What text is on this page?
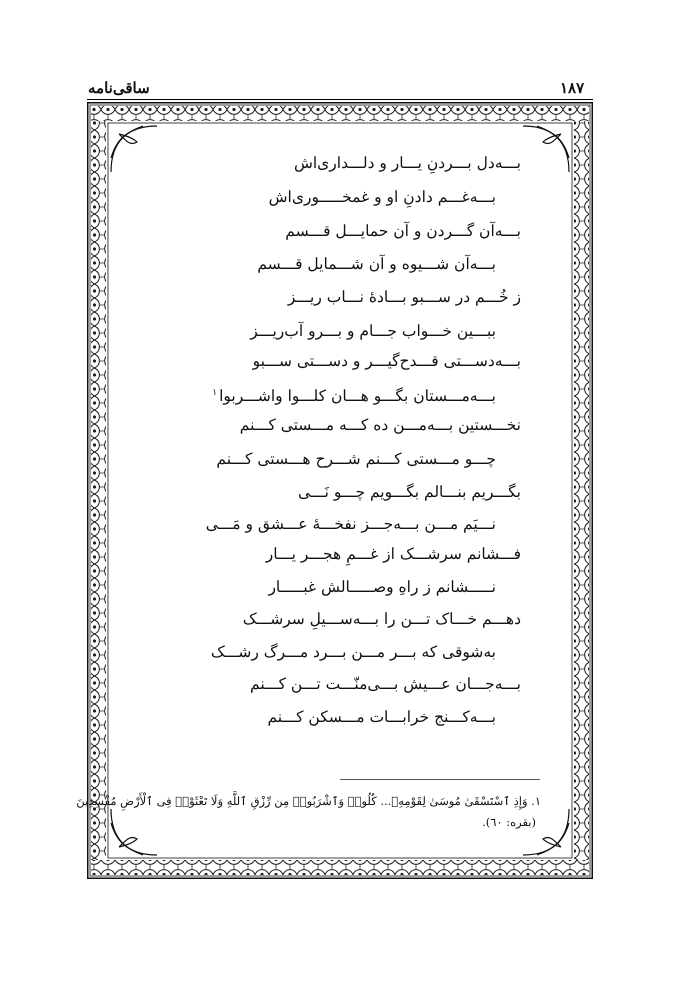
۱۸۷
ساقی‌نامه
بـــه‌دل بـــردنِ یـــار و دلـــداری‌اش
بـــه‌غـــم دادنِ او و غمخـــــوری‌اش
بـــه‌آن گـــردن و آن حمایـــل قـــسم
بـــه‌آن شـــیوه و آن شـــمایل قـــسم
ز خُـــم در ســـبو بـــادۀ نـــاب ریـــز
ببـــین خـــواب جـــام و بـــرو آب‌ریـــز
بـــه‌دســـتی قـــدح‌گیـــر و دســـتی ســـبو
بـــه‌مـــستان بگـــو هـــان کلـــوا واشـــربوا$^۱$
نخـــستین بـــه‌مـــن ده کـــه مـــستی کـــنم
چـــو مـــستی کـــنم شـــرح هـــستی کـــنم
بگـــریم بنـــالم بگـــویم چـــو نَـــی
نـــیَم مـــن بـــه‌جـــز نفخـــۀ عـــشق و مَـــی
فـــشانم سرشـــک از غـــمِ هجـــر یـــار
نـــــشانم ز راهِ وصـــــالش غبـــــار
دهـــم خـــاک تـــن را بـــه‌ســـیلِ سرشـــک
به‌شوقی که بـــر مـــن بـــرد مـــرگ رشـــک
بـــه‌جـــان عـــیش بـــی‌منّـــت تـــن کـــنم
بـــه‌کـــنج خرابـــات مـــسکن کـــنم
۱. وَإِذِ ٱسْتَسْقَىٰ مُوسَىٰ لِقَوْمِهِۦ... كُلُوا۟ وَٱشْرَبُوا۟ مِن رِّزْقِ ٱللَّهِ وَلَا تَعْثَوْا۟ فِى ٱلْأَرْضِ مُفْسِدِينَ
(بقره: ٦٠).
